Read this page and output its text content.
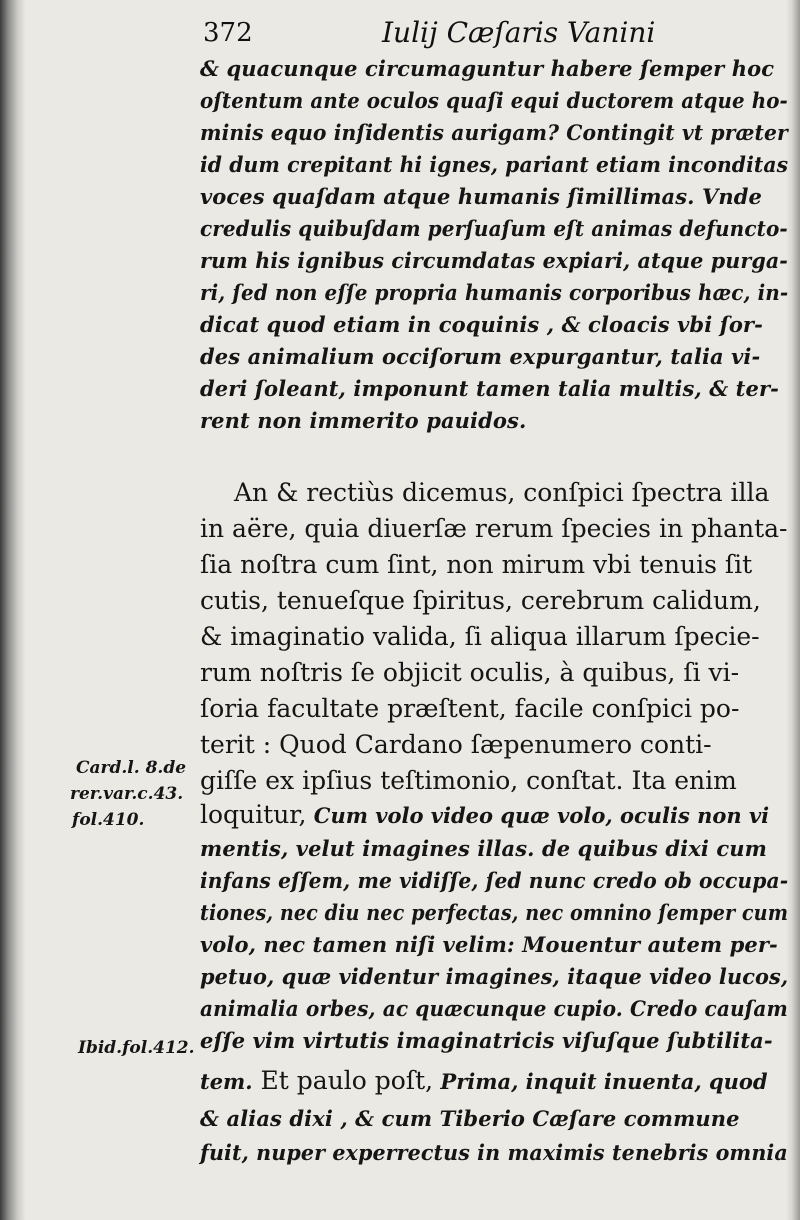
372	Iulij Cæſaris Vanini
& quacunque circumaguntur habere ſemper hoc
oſtentum ante oculos quaſi equi ductorem atque ho-
minis equo inſidentis aurigam? Contingit vt præter
id dum crepitant hi ignes, pariant etiam inconditas
voces quaſdam atque humanis ſimillimas. Vnde
credulis quibuſdam perſuaſum eſt animas defuncto-
rum his ignibus circumdatas expiari, atque purga-
ri, ſed non eſſe propria humanis corporibus hæc, in-
dicat quod etiam in coquinis , & cloacis vbi ſor-
des animalium occiſorum expurgantur, talia vi-
deri ſoleant, imponunt tamen talia multis, & ter-
rent non immerito pauidos.
An & rectiùs dicemus, conſpici ſpectra illa
in aëre, quia diuerſæ rerum ſpecies in phanta-
ſia noſtra cum ſint, non mirum vbi tenuis ſit
cutis, tenueſque ſpiritus, cerebrum calidum,
& imaginatio valida, ſi aliqua illarum ſpecie-
rum noſtris ſe objicit oculis, à quibus, ſi vi-
ſoria facultate præſtent, facile conſpici po-
terit : Quod Cardano ſæpenumero conti-
giſſe ex ipſius teſtimonio, conſtat. Ita enim
loquitur, Cum volo video quæ volo, oculis non vi
mentis, velut imagines illas. de quibus dixi cum
infans eſſem, me vidiſſe, ſed nunc credo ob occupa-
tiones, nec diu nec perfectas, nec omnino ſemper cum
volo, nec tamen niſi velim: Mouentur autem per-
petuo, quæ videntur imagines, itaque video lucos,
animalia orbes, ac quæcunque cupio. Credo cauſam
eſſe vim virtutis imaginatricis viſuſque ſubtilita-
tem. Et paulo poſt, Prima, inquit inuenta, quod
& alias dixi , & cum Tiberio Cæſare commune
fuit, nuper experrectus in maximis tenebris omnia
Card.l. 8.de
rer.var.c.43.
fol.410.
Ibid.fol.412.
